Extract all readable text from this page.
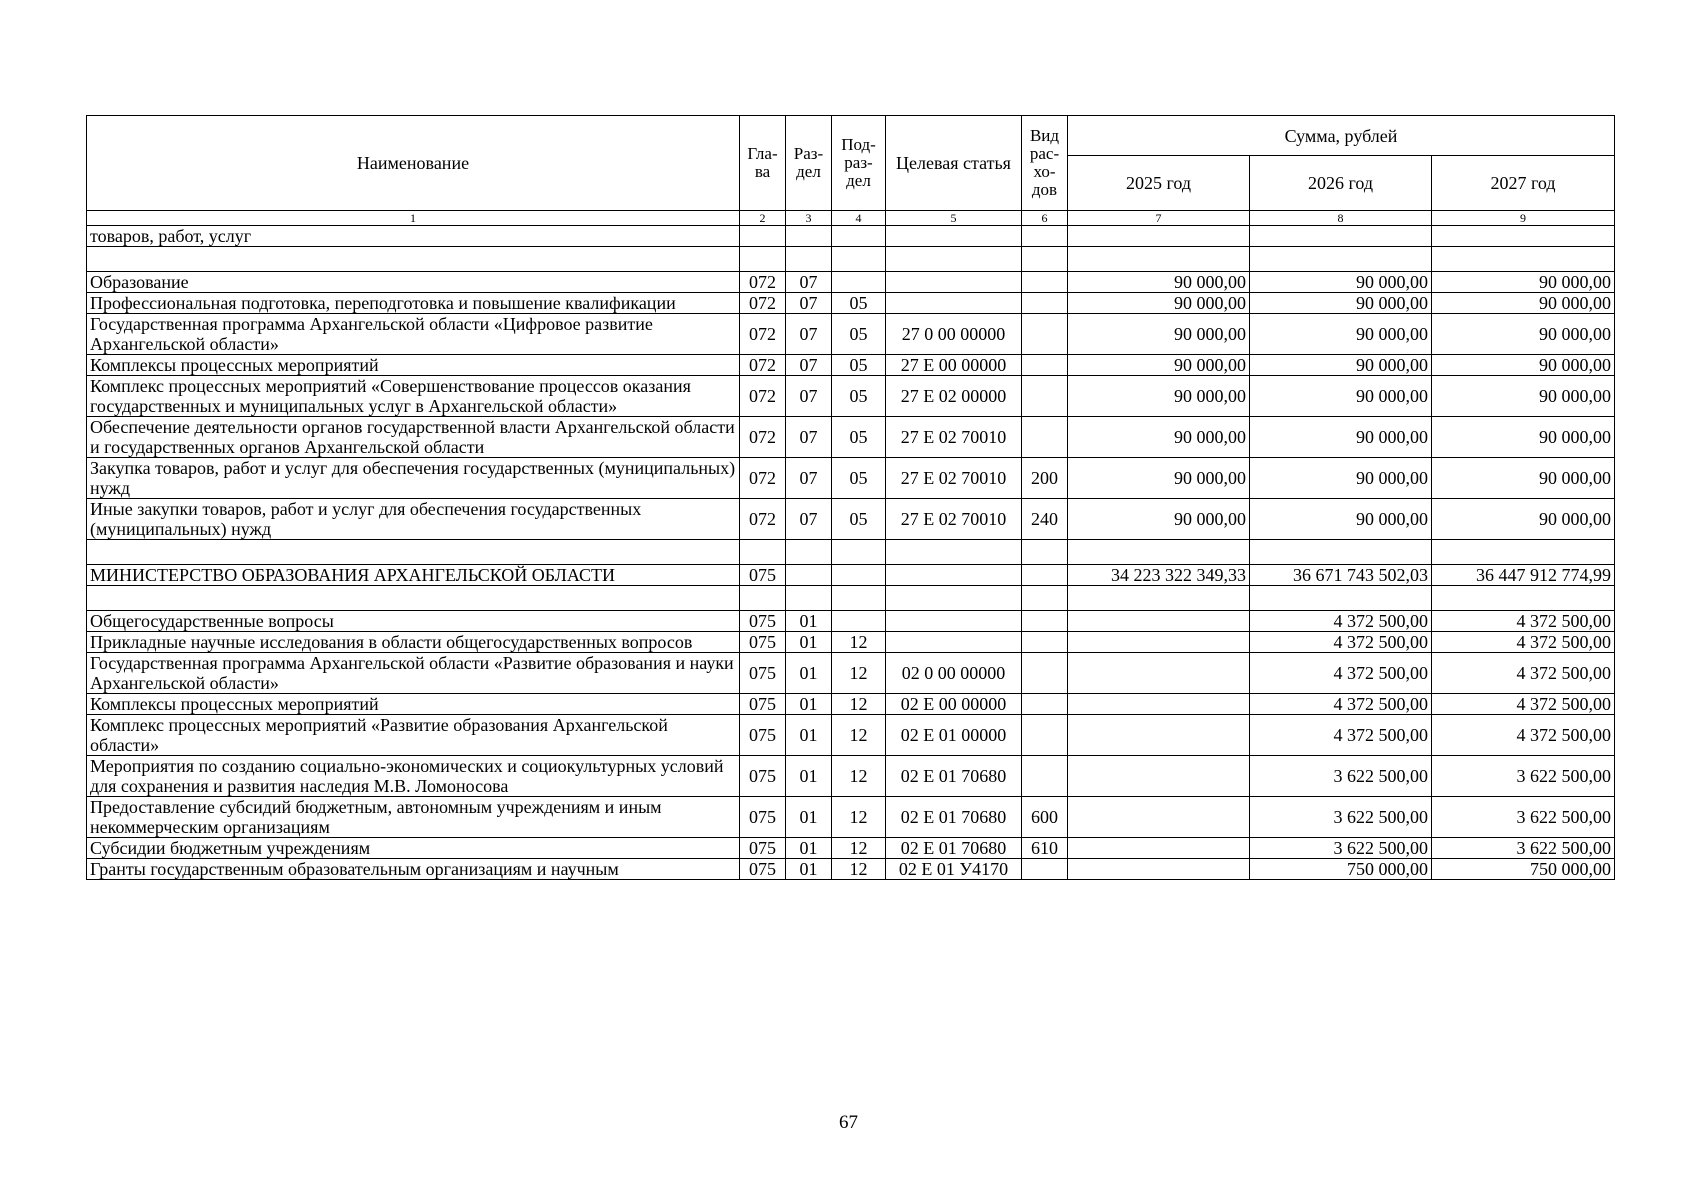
Наименование	Гла-ва	Раз-дел	Под-раз-дел	Целевая статья	Вид рас-хо-дов	Сумма, рублей		
						2025 год	2026 год	2027 год
1	2	3	4	5	6	7	8	9
товаров, работ, услуг								

Образование	072	07				90 000,00	90 000,00	90 000,00
Профессиональная подготовка, переподготовка и повышение квалификации	072	07	05			90 000,00	90 000,00	90 000,00
Государственная программа Архангельской области «Цифровое развитие Архангельской области»	072	07	05	27 0 00 00000		90 000,00	90 000,00	90 000,00
Комплексы процессных мероприятий	072	07	05	27 Е 00 00000		90 000,00	90 000,00	90 000,00
Комплекс процессных мероприятий «Совершенствование процессов оказания государственных и муниципальных услуг в Архангельской области»	072	07	05	27 Е 02 00000		90 000,00	90 000,00	90 000,00
Обеспечение деятельности органов государственной власти Архангельской области и государственных органов Архангельской области	072	07	05	27 Е 02 70010		90 000,00	90 000,00	90 000,00
Закупка товаров, работ и услуг для обеспечения государственных (муниципальных) нужд	072	07	05	27 Е 02 70010	200	90 000,00	90 000,00	90 000,00
Иные закупки товаров, работ и услуг для обеспечения государственных (муниципальных) нужд	072	07	05	27 Е 02 70010	240	90 000,00	90 000,00	90 000,00

МИНИСТЕРСТВО ОБРАЗОВАНИЯ АРХАНГЕЛЬСКОЙ ОБЛАСТИ	075					34 223 322 349,33	36 671 743 502,03	36 447 912 774,99

Общегосударственные вопросы	075	01					4 372 500,00	4 372 500,00
Прикладные научные исследования в области общегосударственных вопросов	075	01	12				4 372 500,00	4 372 500,00
Государственная программа Архангельской области «Развитие образования и науки Архангельской области»	075	01	12	02 0 00 00000			4 372 500,00	4 372 500,00
Комплексы процессных мероприятий	075	01	12	02 Е 00 00000			4 372 500,00	4 372 500,00
Комплекс процессных мероприятий «Развитие образования Архангельской области»	075	01	12	02 Е 01 00000			4 372 500,00	4 372 500,00
Мероприятия по созданию социально-экономических и социокультурных условий для сохранения и развития наследия М.В. Ломоносова	075	01	12	02 Е 01 70680			3 622 500,00	3 622 500,00
Предоставление субсидий бюджетным, автономным учреждениям и иным некоммерческим организациям	075	01	12	02 Е 01 70680	600		3 622 500,00	3 622 500,00
Субсидии бюджетным учреждениям	075	01	12	02 Е 01 70680	610		3 622 500,00	3 622 500,00
Гранты государственным образовательным организациям и научным	075	01	12	02 Е 01 У4170			750 000,00	750 000,00
67
